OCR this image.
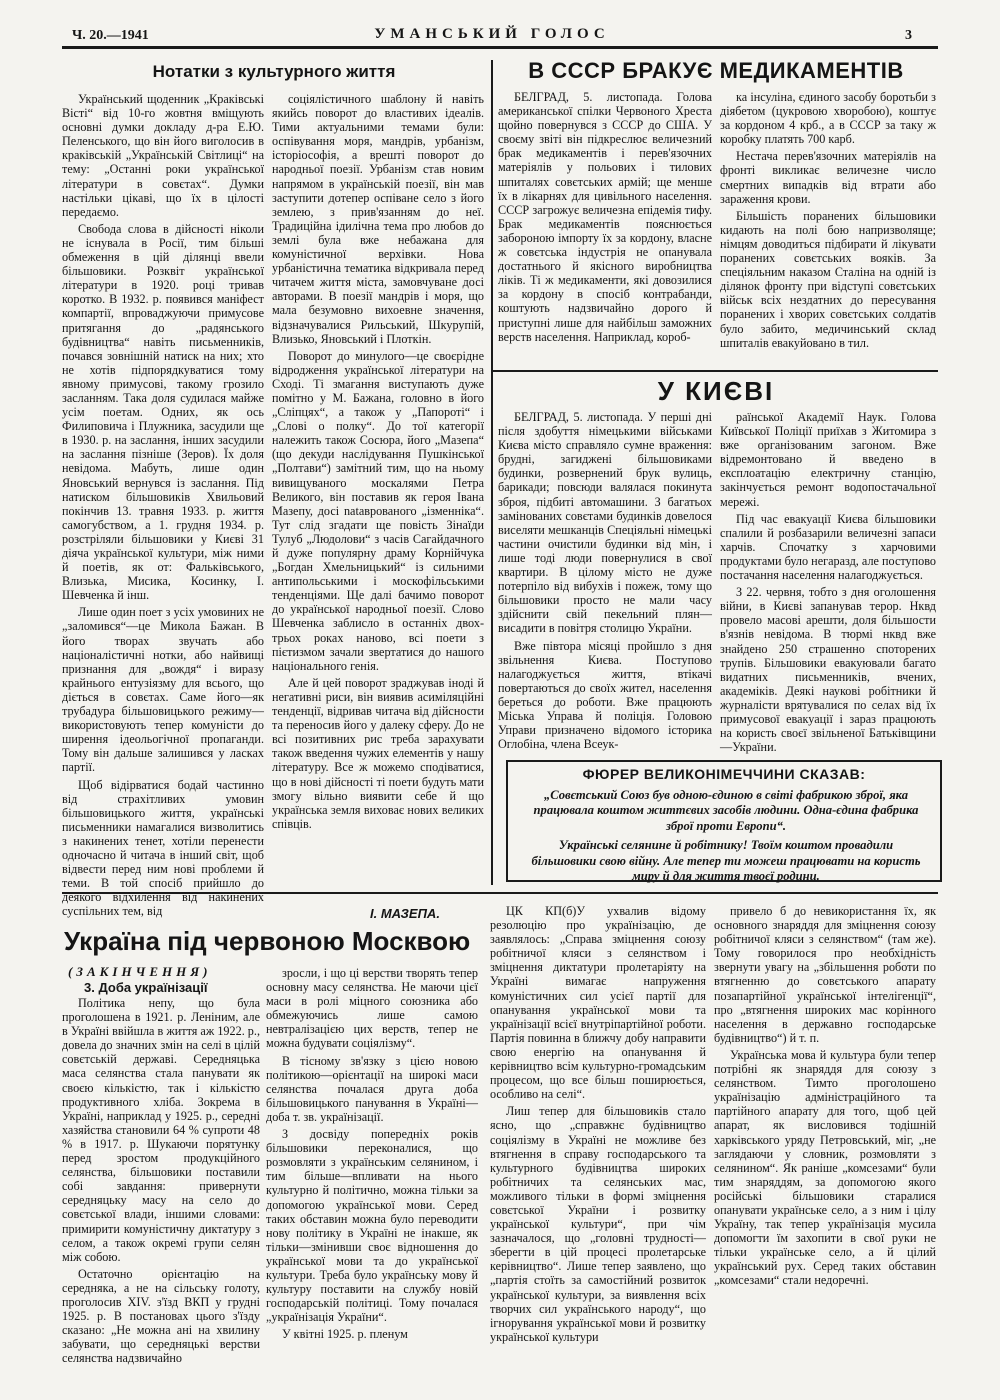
Ч. 20.—1941	УМАНСЬКИЙ ГОЛОС	3
Нотатки з культурного життя

Український щоденник „Краківські Вісті“ від 10-го жовтня вміщують основні думки докладу д-ра Е.Ю. Пеленського, що він його виголосив в краківській „Українській Світлиці“ на тему: „Останні роки української літератури в совєтах“. Думки настільки цікаві, що їх в цілості передаємо.

Свобода слова в дійсності ніколи не існувала в Росії, тим більші обмеження в цій ділянці ввели більшовики. Розквіт української літератури в 1920. році тривав коротко. В 1932. р. появився маніфест компартії, впроваджуючи примусове притягання до „радянського будівництва“ навіть письменників, почався зовнішній натиск на них; хто не хотів підпорядкуватися тому явному примусові, такому грозило засланням. Така доля судилася майже усім поетам. Одних, як ось Филиповича і Плужника, засудили ще в 1930. р. на заслання, інших засудили на заслання пізніше (Зеров). Їх доля невідома. Мабуть, лише один Яновський вернувся із заслання. Під натиском більшовиків Хвильовий покінчив 13. травня 1933. р. життя самогубством, а 1. грудня 1934. р. розстріляли більшовики у Києві 31 діяча української культури, між ними й поетів, як от: Фальківського, Влизька, Мисика, Косинку, І. Шевченка й інш.

Лише один поет з усіх умовиних не „заломився“—це Микола Бажан. В його творах звучать або націоналістичні нотки, або найвищі признання для „вождя“ і виразу крайнього ентузіязму для всього, що діється в совєтах. Саме його—як трубадура більшовицького режиму—використовують тепер комуністи до ширення ідеольогічної пропаганди. Тому він дальше залишився у ласках партії.

Щоб відірватися бодай частинно від страхітливих умовин більшовицького життя, українські письменники намагалися визволитись з накинених тенет, хотіли перенести одночасно й читача в інший світ, щоб відвести перед ним нові проблеми й теми. В той спосіб прийшло до деякого відхилення від накинених суспільних тем, від

соціялістичного шаблону й навіть якийсь поворот до властивих ідеалів. Тими актуальними темами були: оспівування моря, мандрів, урбанізм, історіософія, а врешті поворот до народньої поезії. Урбанізм став новим напрямом в українській поезії, він мав заступити дотепер оспіване село з його землею, з прив'язанням до неї. Традиційна ідилічна тема про любов до землі була вже небажана для комуністичної верхівки. Нова урбаністична тематика відкривала перед читачем життя міста, замовчуване досі авторами. В поезії мандрів і моря, що мала безумовно вихоевне значення, відзначувалися Рильський, Шкурупій, Влизько, Яновський і Плоткін.

Поворот до минулого—це своєрідне відродження української літератури на Сході. Ті змагання виступають дуже помітно у М. Бажана, головно в його „Сліпцях“, а також у „Папороті“ і „Слові о полку“. До тої категорії належить також Сосюра, його „Мазепа“ (що декуди наслідування Пушкінської „Полтави“) замітний тим, що на ньому вивищуваного москалями Петра Великого, він поставив як героя Івана Мазепу, досі natаврованого „ізменніка“. Тут слід згадати ще повість Зінаїди Тулуб „Людолови“ з часів Сагайдачного й дуже популярну драму Корнійчука „Богдан Хмельницький“ із сильними антипольськими і москофільськими тенденціями. Ще далі бачимо поворот до української народньої поезії. Слово Шевченка заблисло в останніх двох-трьох роках наново, всі поети з пієтизмом зачали звертатися до нашого національного генія.

Але й цей поворот зраджував іноді й негативні риси, він виявив асиміляційні тенденції, відривав читача від дійсности та переносив його у далеку сферу. До не всі позитивних рис треба зарахувати також введення чужих елементів у нашу літературу. Все ж можемо сподіватися, що в нові дійсності ті поети будуть мати змогу вільно виявити себе й що українська земля виховає нових великих співців.

В СССР БРАКУЄ МЕДИКАМЕНТІВ

БЕЛГРАД, 5. листопада. Голова американської спілки Червоного Хреста щойно повернувся з СССР до США. У своєму звіті він підкреслює величезний брак медикаментів і перев'язочних матеріялів у польових і тилових шпиталях совєтських армій; ще менше їх в лікарнях для цивільного населення. СССР загрожує величезна епідемія тифу. Брак медикаментів пояснюється забороною імпорту їх за кордону, власне ж совєтська індустрія не опанувала достатнього й якісного виробництва ліків. Ті ж медикаменти, які довозилися за кордону в спосіб контрабанди, коштують надзвичайно дорого й приступні лише для найбільш заможних верств населення. Наприклад, короб-

ка інсуліна, єдиного засобу боротьби з діябетом (цукровою хворобою), коштує за кордоном 4 крб., а в СССР за таку ж коробку платять 700 карб.

Нестача перев'язочних матеріялів на фронті викликає величезне число смертних випадків від втрати або зараження крови.

Більшість поранених більшовики кидають на полі бою напризволяще; німцям доводиться підбирати й лікувати поранених совєтських вояків. За спеціяльним наказом Сталіна на одній із ділянок фронту при відступі совєтських військ всіх нездатних до пересування поранених і хворих совєтських солдатів було забито, медичинський склад шпиталів евакуйовано в тил.

У КИЄВІ

БЕЛГРАД, 5. листопада. У перші дні після здобуття німецькими військами Києва місто справляло сумне враження: брудні, загиджені більшовиками будинки, розвернений брук вулиць, барикади; повсюди валялася покинута зброя, підбиті автомашини. З багатьох замінованих совєтами будинків довелося виселяти мешканців Спеціяльні німецькі частини очистили будинки від мін, і лише тоді люди повернулися в свої квартири. В цілому місто не дуже потерпіло від вибухів і пожеж, тому що більшовики просто не мали часу здійснити свій пекельний плян—висадити в повітря столицю України.

Вже півтора місяці пройшло з дня звільнення Києва. Поступово налагоджується життя, втікачі повертаються до своїх жител, населення береться до роботи. Вже працюють Міська Управа й поліція. Головою Управи призначено відомого історика Оглобіна, члена Всеук-

раїнської Академії Наук. Голова Київської Поліції приїхав з Житомира з вже організованим загоном. Вже відремонтовано й введено в експлоатацію електричну станцію, закінчується ремонт водопостачальної мережі.

Під час евакуації Києва більшовики спалили й розбазарили величезні запаси харчів. Спочатку з харчовими продуктами було негаразд, але поступово постачання населення налагоджується.

З 22. червня, тобто з дня оголошення війни, в Києві запанував терор. Нквд провело масові арешти, доля більшости в'язнів невідома. В тюрмі нквд вже знайдено 250 страшенно споторених трупів. Більшовики евакуювали багато видатних письменників, вчених, академіків. Деякі наукові робітники й журналісти врятувалися по селах від їх примусової евакуації і зараз працюють на користь своєї звільненої Батьківщини—України.

ФЮРЕР ВЕЛИКОНІМЕЧЧИНИ СКАЗАВ:
„Совєтський Союз був одною-єдиною в світі фабрикою зброї, яка працювала коштом життєвих засобів людини. Одна-єдина фабрика зброї проти Европи“.
Українські селянине й робітнику! Твоїм коштом провадили більшовики свою війну. Але тепер ти можеш працювати на користь миру й для життя твоєї родини.
І. МАЗЕПА.
Україна під червоною Москвою
(ЗАКІНЧЕННЯ)
3. Доба українізації

Політика непу, що була проголошена в 1921. р. Леніним, але в Україні ввійшла в життя аж 1922. р., довела до значних змін на селі в цілій совєтській державі. Середняцька маса селянства стала панувати як своєю кількістю, так і кількістю продуктивного хліба. Зокрема в Україні, наприклад у 1925. р., середні хазяйства становили 64 % супроти 48 % в 1917. р. Шукаючи порятунку перед зростом продукційного селянства, більшовики поставили собі завдання: привернути середняцьку масу на село до совєтської влади, іншими словами: примирити комуністичну диктатуру з селом, а також окремі групи селян між собою.

Остаточно орієнтацію на середняка, а не на сільську голоту, проголосив XIV. з'їзд ВКП у грудні 1925. р. В постановах цього з'їзду сказано: „Не можна ані на хвилину забувати, що середняцькі верстви селянства надзвичайно

зросли, і що ці верстви творять тепер основну масу селянства. Не маючи цієї маси в ролі міцного союзника або обмежуючись лише самою невтралізацією цих верств, тепер не можна будувати соціялізму“.

В тісному зв'язку з цією новою політикою—орієнтації на широкі маси селянства почалася друга доба більшовицького панування в Україні—доба т. зв. українізації.

З досвіду попередніх років більшовики переконалися, що розмовляти з українським селянином, і тим більше—впливати на нього культурно й політично, можна тільки за допомогою української мови. Серед таких обставин можна було переводити нову політику в Україні не інакше, як тільки—змінивши своє відношення до української мови та до української культури. Треба було українську мову й культуру поставити на службу новій господарській політиці. Тому почалася „українізація України“.

У квітні 1925. р. пленум

ЦК КП(б)У ухвалив відому резолюцію про українізацію, де заявлялось: „Справа зміцнення союзу робітничої кляси з селянством і зміцнення диктатури пролетаріяту на Україні вимагає напруження комуністичних сил усієї партії для опанування української мови та українізації всієї внутріпартійної роботи. Партія повинна в ближчу добу направити свою енергію на опанування й керівництво всім культурно-громадським процесом, що все більш поширюється, особливо на селі“.

Лиш тепер для більшовиків стало ясно, що „справжнє будівництво соціялізму в Україні не можливе без втягнення в справу господарського та культурного будівництва широких робітничих та селянських мас, можливого тільки в формі зміцнення совєтської України і розвитку української культури“, при чім зазначалося, що „головні трудності—зберегти в цій процесі пролетарське керівництво“. Лише тепер заявлено, що „партія стоїть за самостійний розвиток української культури, за виявлення всіх творчих сил українського народу“, що ігнорування української мови й розвитку української культури

привело б до невикористання їх, як основного знаряддя для зміцнення союзу робітничої кляси з селянством“ (там же). Тому говорилося про необхідність звернути увагу на „збільшення роботи по втягненню до совєтського апарату позапартійної української інтелігенції“, про „втягнення широких мас корінного населення в державно господарське будівництво“) й т. п.

Українська мова й культура були тепер потрібні як знаряддя для союзу з селянством. Тимто проголошено українізацію адміністраційного та партійного апарату для того, щоб цей апарат, як висловився тодішній харківського уряду Петровський, міг, „не заглядаючи у словник, розмовляти з селянином“. Як раніше „комсезами“ були тим знаряддям, за допомогою якого російські більшовики старалися опанувати українське село, а з ним і цілу Україну, так тепер українізація мусила допомогти їм захопити в свої руки не тільки українське село, а й цілий український рух. Серед таких обставин „комсезами“ стали недоречні.
